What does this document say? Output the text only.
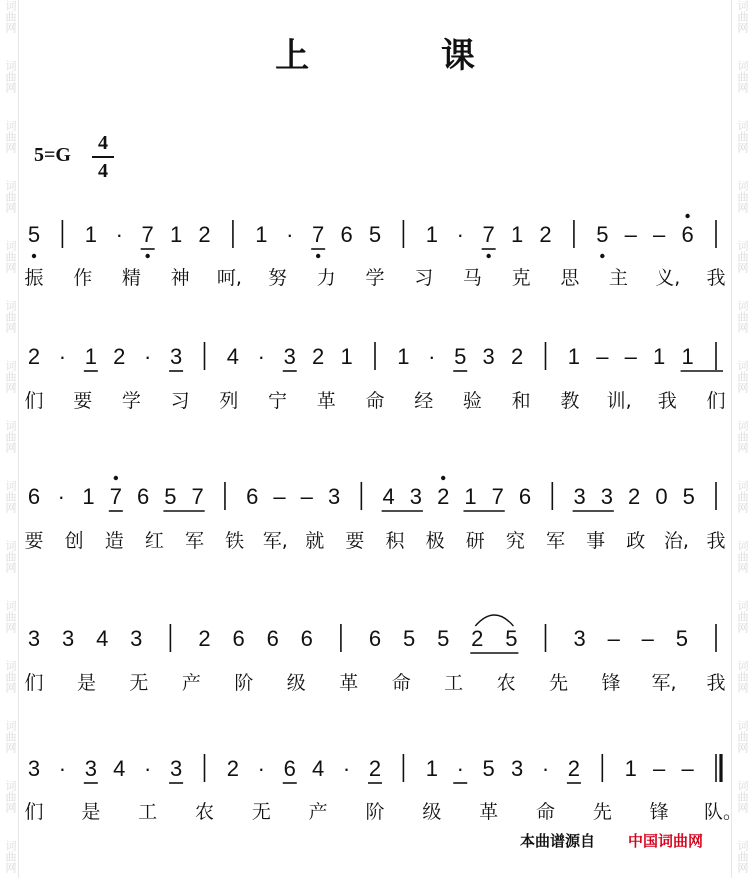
词曲网
词曲网
词曲网
词曲网
词曲网
词曲网
词曲网
词曲网
词曲网
词曲网
词曲网
词曲网
词曲网
词曲网
词曲网
词曲网
词曲网
词曲网
词曲网
词曲网
词曲网
词曲网
词曲网
词曲网
词曲网
词曲网
词曲网
词曲网
词曲网
词曲网
上 课
5=G
4
4
5 1 · 7 1 2 1 · 7 6 5 1 · 7 1 2 5 – – 6
振 作 精 神 呵, 努 力 学 习 马 克 思 主 义, 我
2 · 1 2 · 3 4 · 3 2 1 1 · 5 3 2 1 – – 1 1
们 要 学 习 列 宁 革 命 经 验 和 教 训, 我 们
6 · 1 7 6 5 7 6 – – 3 4 3 2 1 7 6 3 3 2 0 5
要 创 造 红 军 铁 军, 就 要 积 极 研 究 军 事 政 治, 我
3 3 4 3	2 6 6 6	6 5 5 2 5	3 – – 5
们 是 无 产 阶 级 革 命 工 农 先 锋 军, 我
3 · 3 4 · 3 2 · 6 4 · 2 1 · 5 3 · 2 1 – –
们 是 工 农 无 产 阶 级 革 命 先 锋 队。
本曲谱源自 中国词曲网
